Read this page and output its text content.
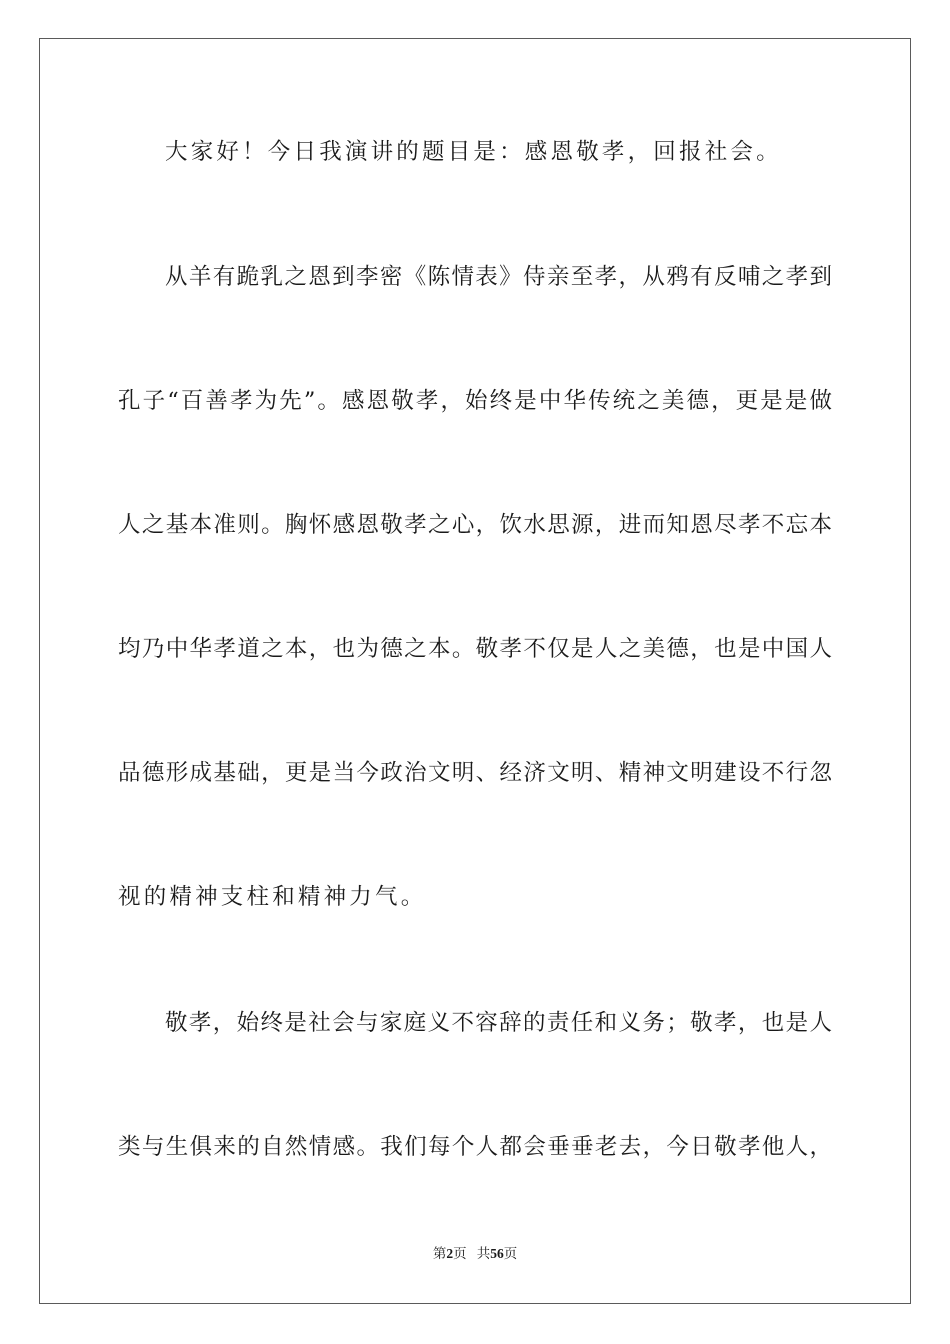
大家好！今日我演讲的题目是：感恩敬孝，回报社会。
从羊有跪乳之恩到李密《陈情表》侍亲至孝，从鸦有反哺之孝到
孔子“百善孝为先”。感恩敬孝，始终是中华传统之美德，更是是做
人之基本准则。胸怀感恩敬孝之心，饮水思源，进而知恩尽孝不忘本
均乃中华孝道之本，也为德之本。敬孝不仅是人之美德，也是中国人
品德形成基础，更是当今政治文明、经济文明、精神文明建设不行忽
视的精神支柱和精神力气。
敬孝，始终是社会与家庭义不容辞的责任和义务；敬孝，也是人
类与生俱来的自然情感。我们每个人都会垂垂老去，今日敬孝他人，
第2页 共56页
